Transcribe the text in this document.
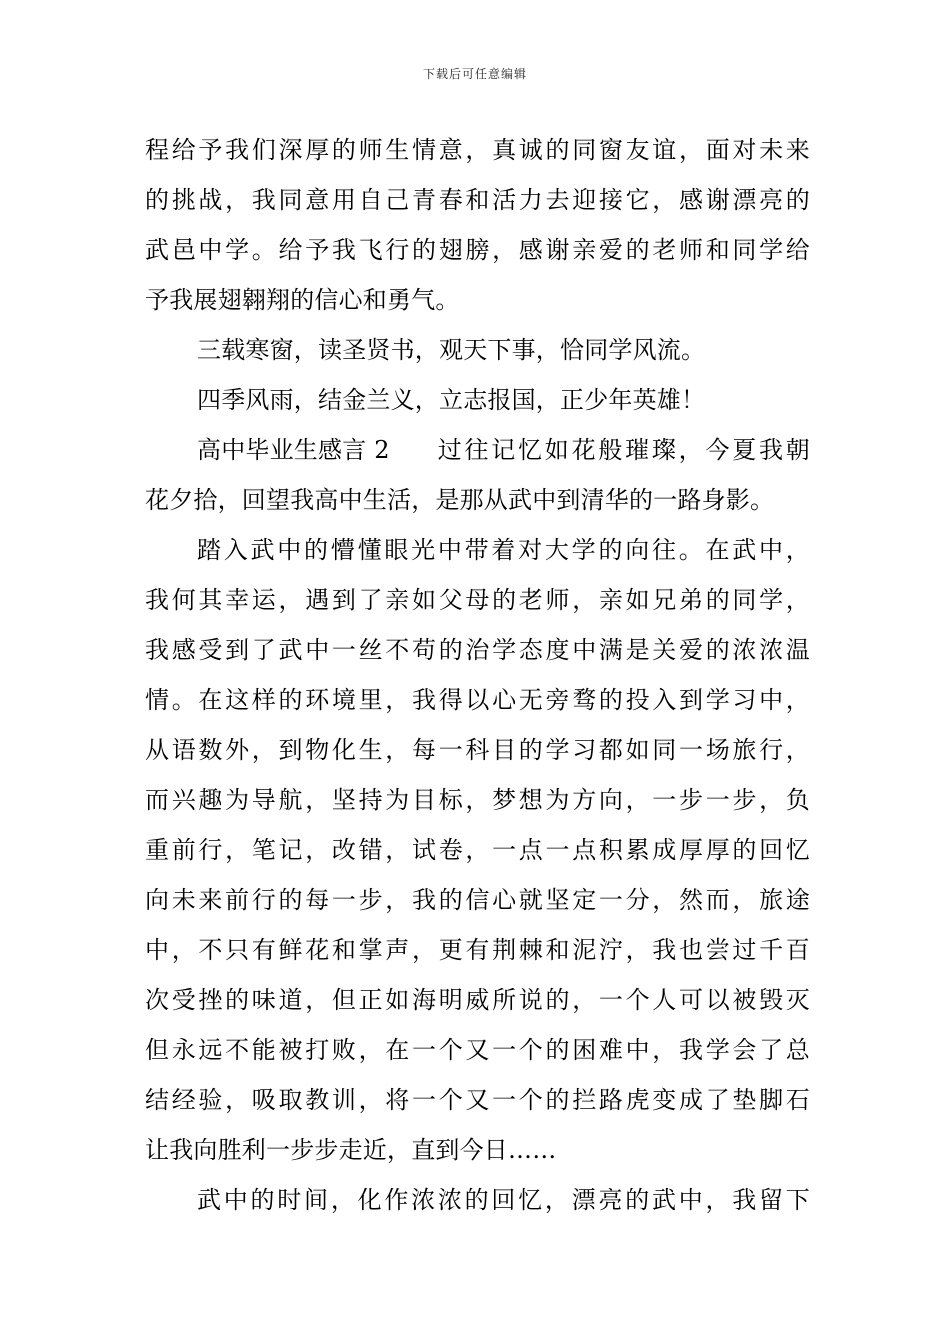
下载后可任意编辑
程给予我们深厚的师生情意，真诚的同窗友谊，面对未来
的挑战，我同意用自己青春和活力去迎接它，感谢漂亮的
武邑中学。给予我飞行的翅膀，感谢亲爱的老师和同学给
予我展翅翱翔的信心和勇气。
三载寒窗，读圣贤书，观天下事，恰同学风流。
四季风雨，结金兰义，立志报国，正少年英雄！
高中毕业生感言 2	过往记忆如花般璀璨，今夏我朝
花夕拾，回望我高中生活，是那从武中到清华的一路身影。
踏入武中的懵懂眼光中带着对大学的向往。在武中，
我何其幸运，遇到了亲如父母的老师，亲如兄弟的同学，
我感受到了武中一丝不苟的治学态度中满是关爱的浓浓温
情。在这样的环境里，我得以心无旁骛的投入到学习中，
从语数外，到物化生，每一科目的学习都如同一场旅行，
而兴趣为导航，坚持为目标，梦想为方向，一步一步，负
重前行，笔记，改错，试卷，一点一点积累成厚厚的回忆
向未来前行的每一步，我的信心就坚定一分，然而，旅途
中，不只有鲜花和掌声，更有荆棘和泥泞，我也尝过千百
次受挫的味道，但正如海明威所说的，一个人可以被毁灭
但永远不能被打败，在一个又一个的困难中，我学会了总
结经验，吸取教训，将一个又一个的拦路虎变成了垫脚石
让我向胜利一步步走近，直到今日……
武中的时间，化作浓浓的回忆，漂亮的武中，我留下
